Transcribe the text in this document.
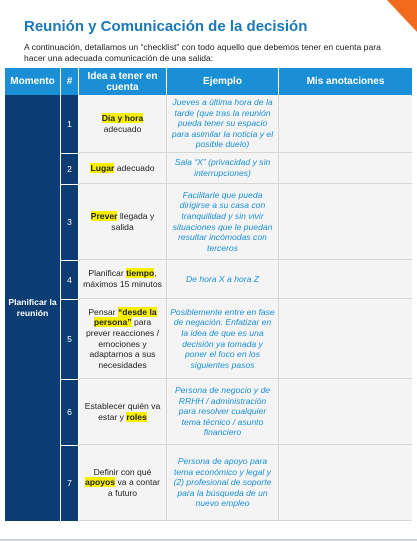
Reunión y Comunicación de la decisión
A continuación, detallamos un “checklist” con todo aquello que debemos tener en cuenta para hacer una adecuada comunicación de una salida:
Momento	#	Idea a tener en cuenta	Ejemplo	Mis anotaciones
Planificar la reunión	1	Día y hora adecuado	Jueves a última hora de la tarde (que tras la reunión pueda tener su espacio para asimilar la noticia y el posible duelo)	
	2	Lugar adecuado	Sala “X” (privacidad y sin interrupciones)	
	3	Prever llegada y salida	Facilitarle que pueda dirigirse a su casa con tranquilidad y sin vivir situaciones que le puedan resultar incómodas con terceros	
	4	Planificar tiempo, máximos 15 minutos	De hora X a hora Z	
	5	Pensar “desde la persona” para prever reacciones / emociones y adaptarnos a sus necesidades	Posiblemente entre en fase de negación. Enfatizar en la idea de que es una decisión ya tomada y poner el foco en los siguientes pasos	
	6	Establecer quién va estar y roles	Persona de negocio y de RRHH / administración para resolver cualquier tema técnico / asunto financiero	
	7	Definir con qué apoyos va a contar a futuro	Persona de apoyo para tema económico y legal y (2) profesional de soporte para la búsqueda de un nuevo empleo	
